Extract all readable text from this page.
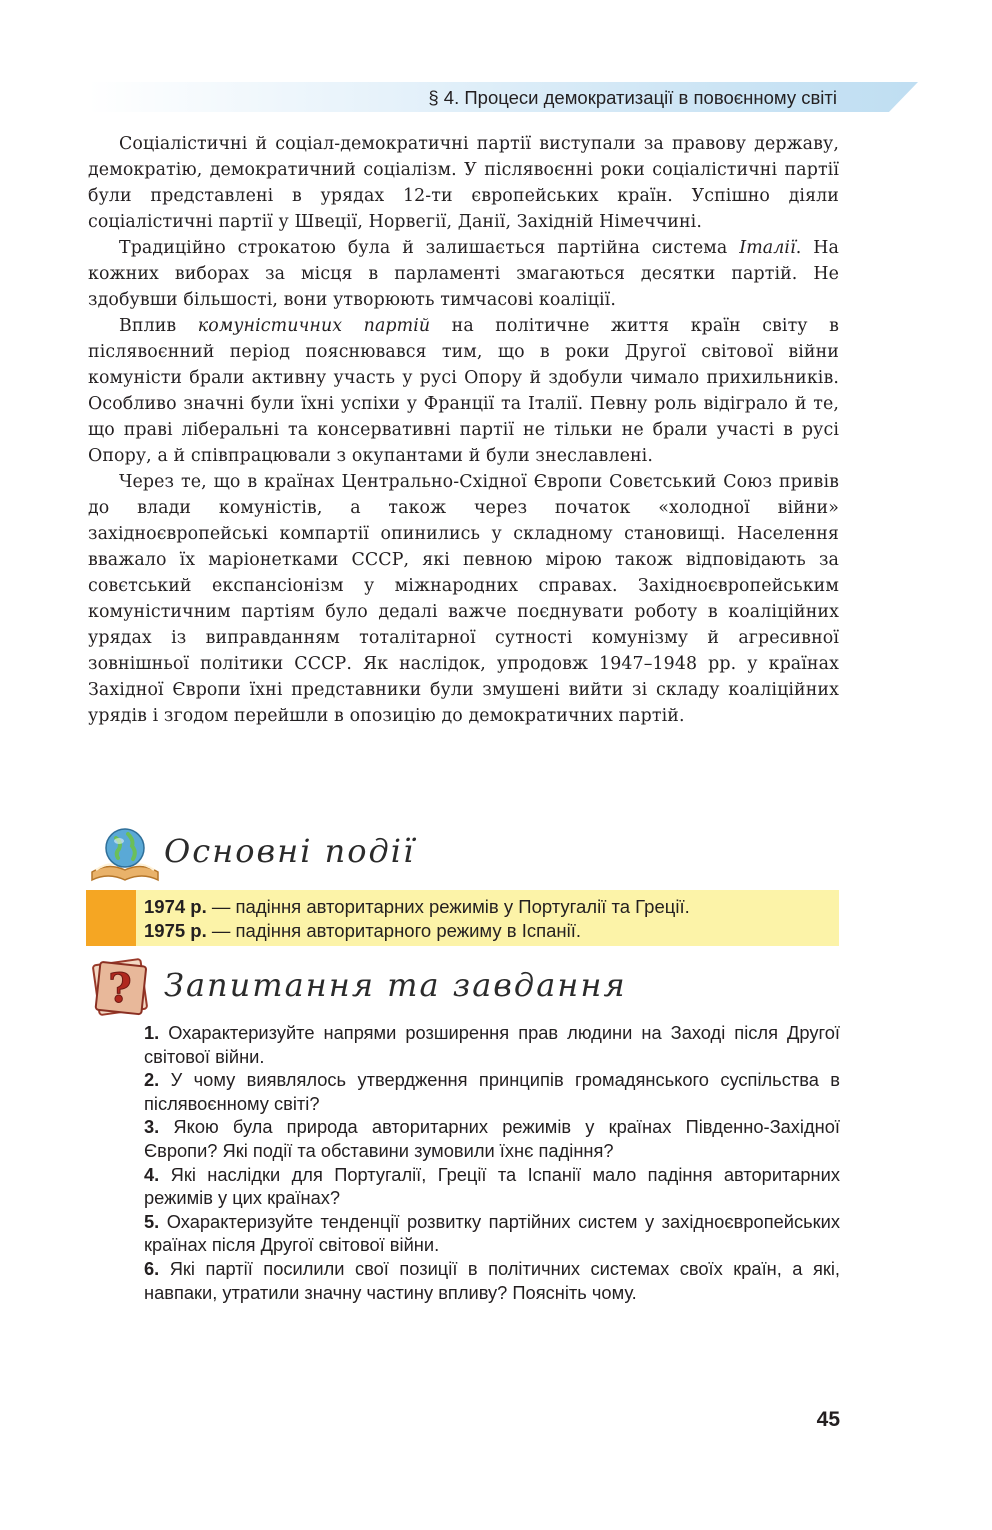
§ 4. Процеси демократизації в повоєнному світі

Соціалістичні й соціал-демократичні партії виступали за правову державу, демократію, демократичний соціалізм. У післявоєнні роки соціалістичні партії були представлені в урядах 12-ти європейських країн. Успішно діяли соціалістичні партії у Швеції, Норвегії, Данії, Західній Німеччині.

Традиційно строкатою була й залишається партійна система Італії. На кожних виборах за місця в парламенті змагаються десятки партій. Не здобувши більшості, вони утворюють тимчасові коаліції.

Вплив комуністичних партій на політичне життя країн світу в післявоєнний період пояснювався тим, що в роки Другої світової війни комуністи брали активну участь у русі Опору й здобули чимало прихильників. Особливо значні були їхні успіхи у Франції та Італії. Певну роль відіграло й те, що праві ліберальні та консервативні партії не тільки не брали участі в русі Опору, а й співпрацювали з окупантами й були знеславлені.

Через те, що в країнах Центрально-Східної Європи Совєтський Союз привів до влади комуністів, а також через початок «холодної війни» західноєвропейські компартії опинились у складному становищі. Населення вважало їх маріонетками СССР, які певною мірою також відповідають за совєтський експансіонізм у міжнародних справах. Західноєвропейським комуністичним партіям було дедалі важче поєднувати роботу в коаліційних урядах із виправданням тоталітарної сутності комунізму й агресивної зовнішньої політики СССР. Як наслідок, упродовж 1947–1948 рр. у країнах Західної Європи їхні представники були змушені вийти зі складу коаліційних урядів і згодом перейшли в опозицію до демократичних партій.

Основні події
1974 р. — падіння авторитарних режимів у Португалії та Греції.
1975 р. — падіння авторитарного режиму в Іспанії.
? Запитання та завдання

1. Охарактеризуйте напрями розширення прав людини на Заході після Другої світової війни.

2. У чому виявлялось утвердження принципів громадянського суспільства в післявоєнному світі?

3. Якою була природа авторитарних режимів у країнах Південно-Західної Європи? Які події та обставини зумовили їхнє падіння?

4. Які наслідки для Португалії, Греції та Іспанії мало падіння авторитарних режимів у цих країнах?

5. Охарактеризуйте тенденції розвитку партійних систем у західноєвропейських країнах після Другої світової війни.

6. Які партії посилили свої позиції в політичних системах своїх країн, а які, навпаки, утратили значну частину впливу? Поясніть чому.

45
